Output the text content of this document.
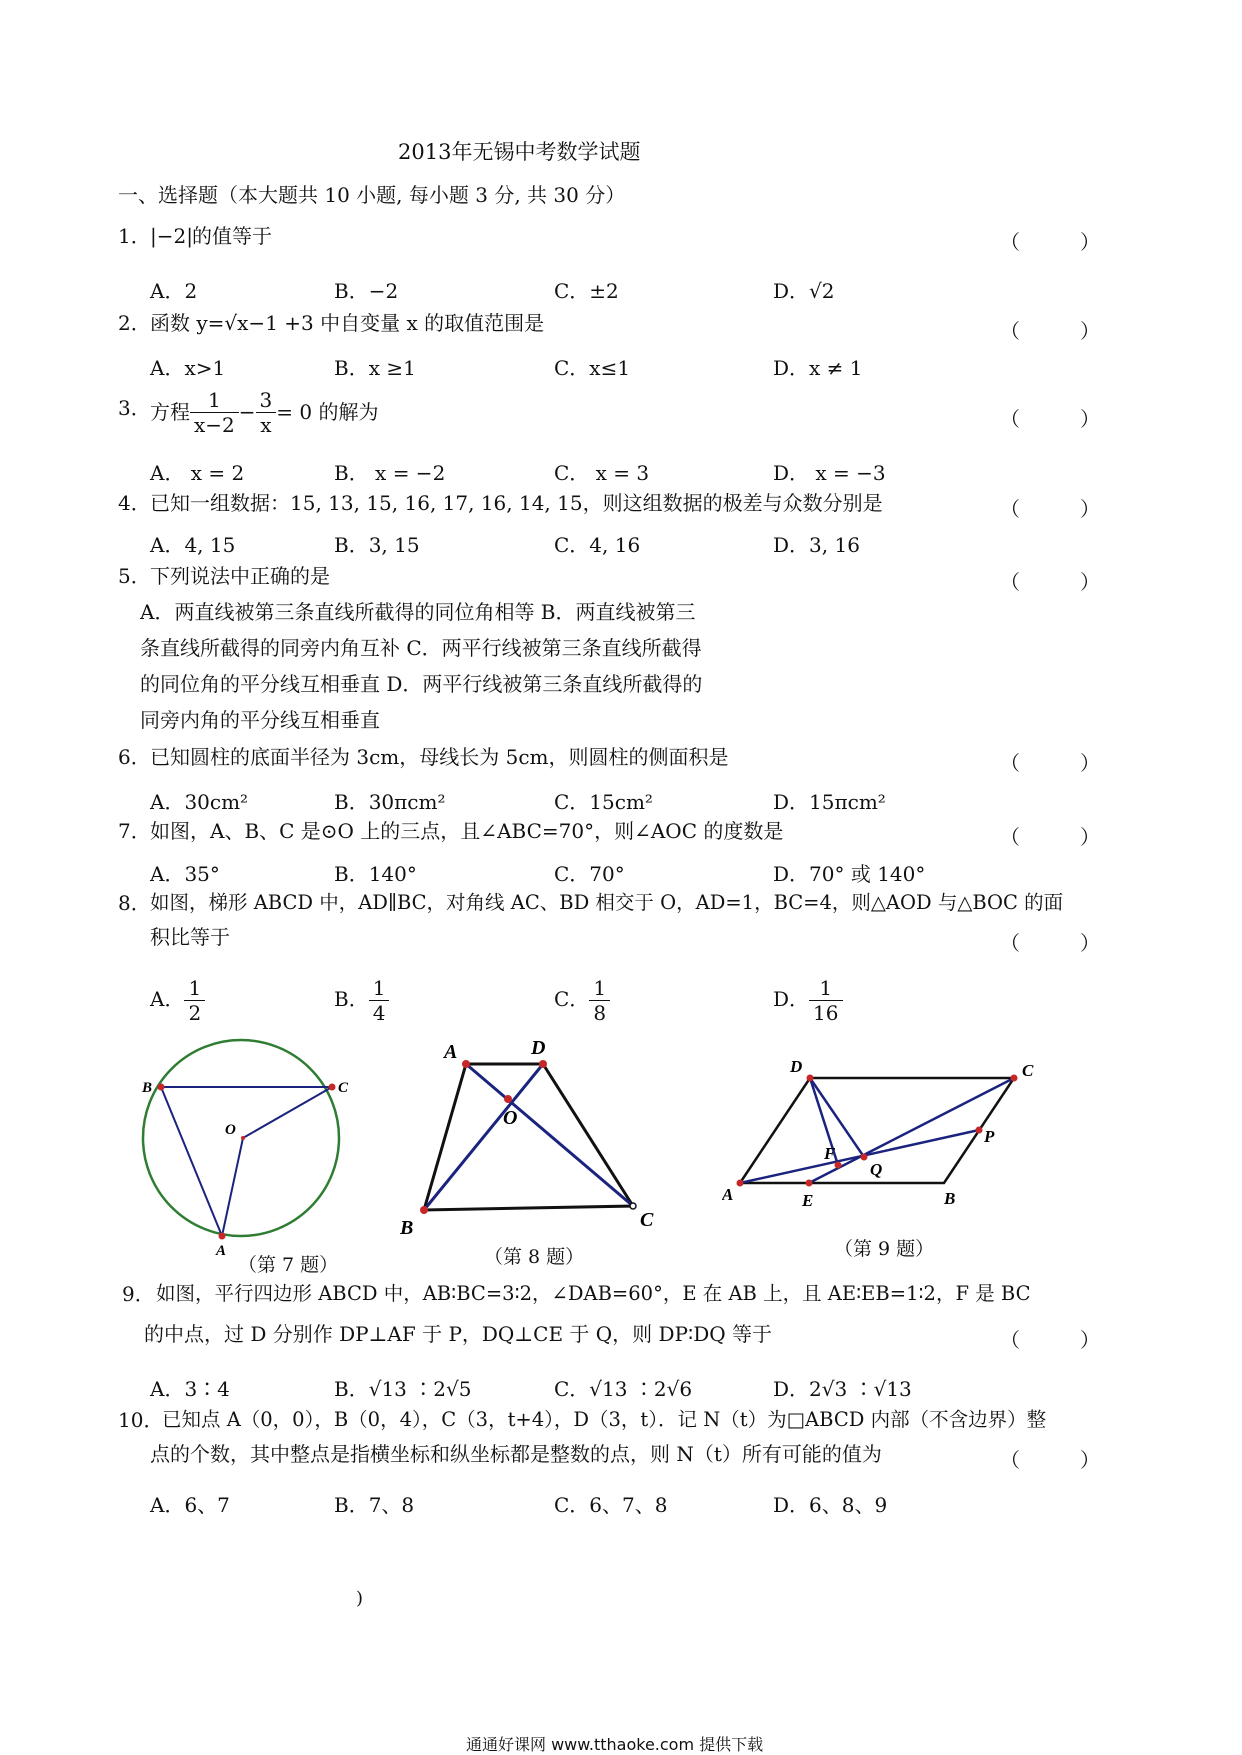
2013年无锡中考数学试题
一、选择题（本大题共 10 小题, 每小题 3 分, 共 30 分）
1． |−2| 的值等于	（　　　）
A．2	B．−2	C．±2	D．√2
2． 函数 y=√x−1 +3 中自变量 x 的取值范围是	（　　　）
A．x>1	B．x ≥1	C．x≤1	D．x ≠ 1
3． 方程 $\frac{1}{x-2} - \frac{3}{x} = 0$ 的解为	（　　　）
A． x = 2	B． x = −2	C． x = 3	D． x = −3
4． 已知一组数据：15, 13, 15, 16, 17, 16, 14, 15，则这组数据的极差与众数分别是	（　　　）
A．4, 15	B．3, 15	C．4, 16	D．3, 16
5． 下列说法中正确的是	（　　　）
A．两直线被第三条直线所截得的同位角相等 B．两直线被第三
条直线所截得的同旁内角互补 C．两平行线被第三条直线所截得
的同位角的平分线互相垂直 D．两平行线被第三条直线所截得的
同旁内角的平分线互相垂直
6． 已知圆柱的底面半径为 3cm，母线长为 5cm，则圆柱的侧面积是	（　　　）
A．30cm²	B．30πcm²	C．15cm²	D．15πcm²
7． 如图，A、B、C 是⊙O 上的三点，且∠ABC=70°，则∠AOC 的度数是	（　　　）
A．35°	B．140°	C．70°	D．70° 或 140°
8． 如图，梯形 ABCD 中，AD∥BC，对角线 AC、BD 相交于 O，AD=1，BC=4，则△AOD 与△BOC 的面
积比等于	（　　　）
A． $\frac{1}{2}$	B． $\frac{1}{4}$	C． $\frac{1}{8}$	D． $\frac{1}{16}$
B	C
O
A
（第 7 题）
A	D
O
B	C
（第 8 题）
D	C
P
F
Q
A	E	B
（第 9 题）
9． 如图，平行四边形 ABCD 中，AB∶BC=3∶2，∠DAB=60°，E 在 AB 上，且 AE∶EB=1∶2，F 是 BC
的中点，过 D 分别作 DP⊥AF 于 P，DQ⊥CE 于 Q，则 DP∶DQ 等于	（　　　）
A．3∶4	B．√13 ∶2√5	C．√13 ∶2√6	D．2√3 ∶√13
10．
已知点 A（0，0），B（0，4），C（3，t+4），D（3，t）．记 N（t）为□ABCD 内部（不含边界）整
点的个数，其中整点是指横坐标和纵坐标都是整数的点，则 N（t）所有可能的值为	（　　　）
A．6、7	B．7、8	C．6、7、8	D．6、8、9
)
通通好课网 www.tthaoke.com 提供下载
